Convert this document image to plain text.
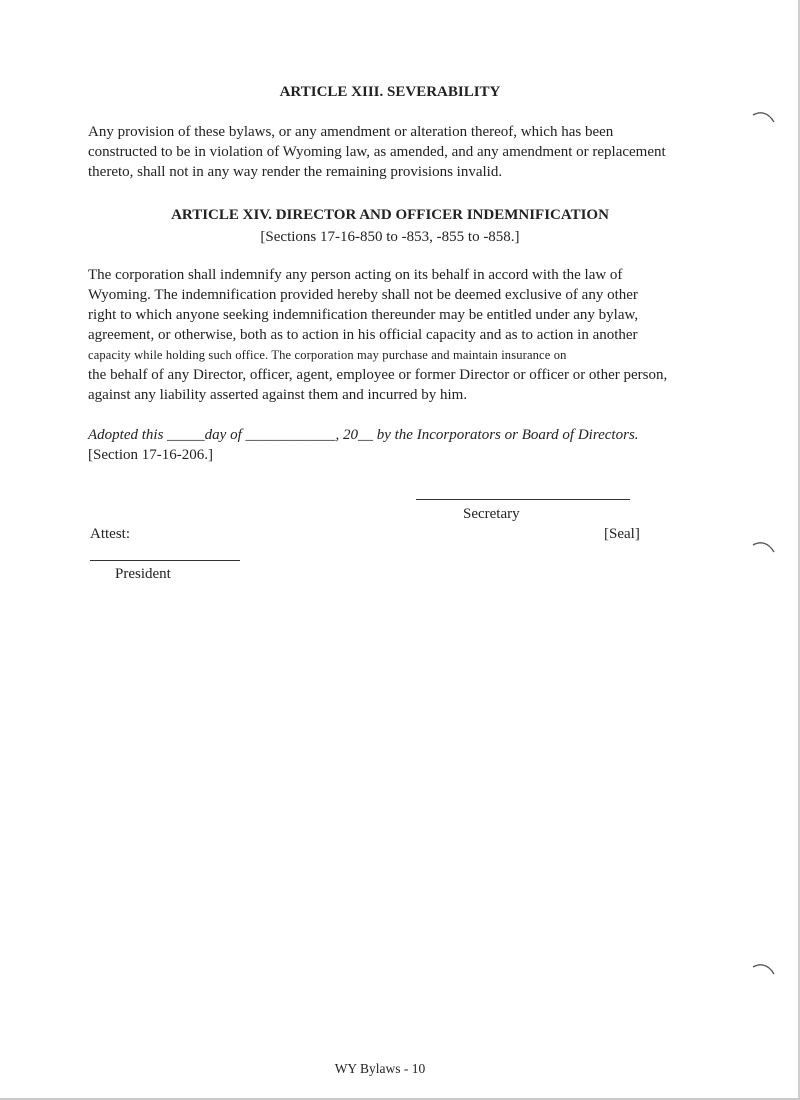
ARTICLE XIII. SEVERABILITY
Any provision of these bylaws, or any amendment or alteration thereof, which has been
constructed to be in violation of Wyoming law, as amended, and any amendment or replacement
thereto, shall not in any way render the remaining provisions invalid.
ARTICLE XIV. DIRECTOR AND OFFICER INDEMNIFICATION
[Sections 17-16-850 to -853, -855 to -858.]
The corporation shall indemnify any person acting on its behalf in accord with the law of
Wyoming. The indemnification provided hereby shall not be deemed exclusive of any other
right to which anyone seeking indemnification thereunder may be entitled under any bylaw,
agreement, or otherwise, both as to action in his official capacity and as to action in another
capacity while holding such office. The corporation may purchase and maintain insurance on
the behalf of any Director, officer, agent, employee or former Director or officer or other person,
against any liability asserted against them and incurred by him.
Adopted this _____day of ____________, 20__ by the Incorporators or Board of Directors.
[Section 17-16-206.]
Secretary
Attest:	[Seal]
President
WY Bylaws - 10
